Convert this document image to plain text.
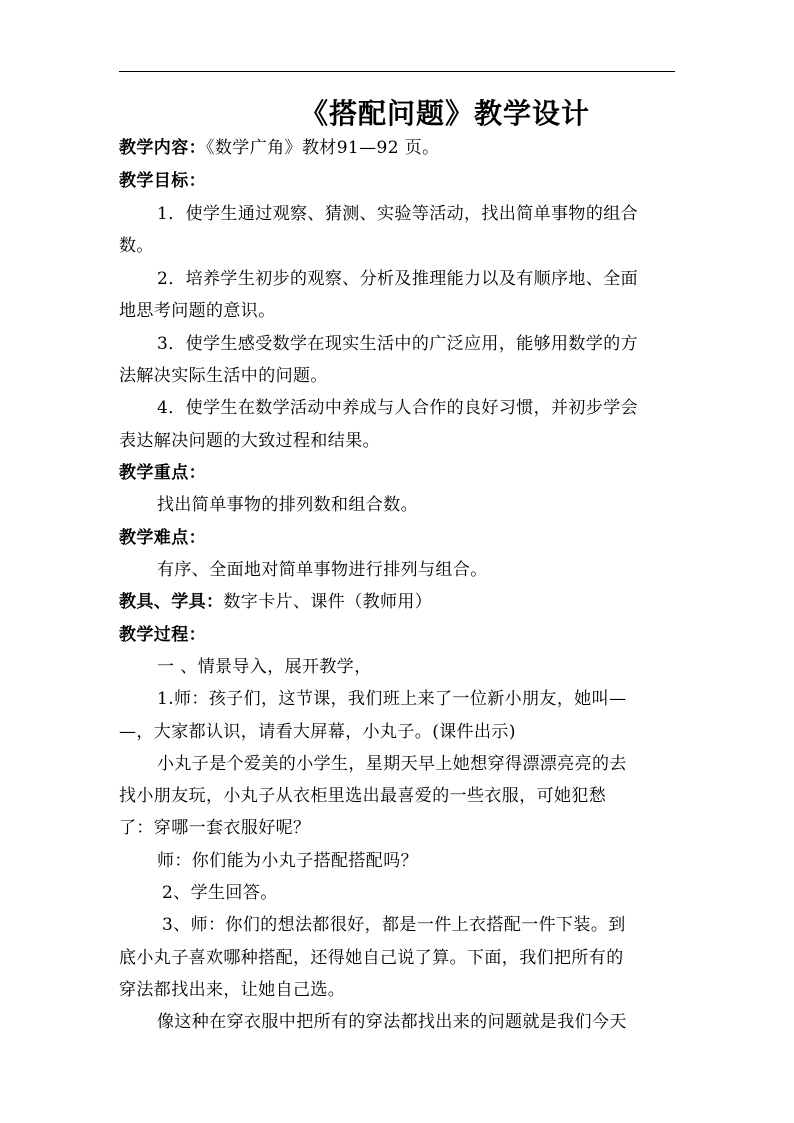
《搭配问题》教学设计
教学内容：《数学广角》教材91—92 页。
教学目标：
1．使学生通过观察、猜测、实验等活动，找出简单事物的组合
数。
2．培养学生初步的观察、分析及推理能力以及有顺序地、全面
地思考问题的意识。
3．使学生感受数学在现实生活中的广泛应用，能够用数学的方
法解决实际生活中的问题。
4．使学生在数学活动中养成与人合作的良好习惯，并初步学会
表达解决问题的大致过程和结果。
教学重点：
找出简单事物的排列数和组合数。
教学难点：
有序、全面地对简单事物进行排列与组合。
教具、学具：数字卡片、课件（教师用）
教学过程：
一 、情景导入，展开教学，
1.师：孩子们，这节课，我们班上来了一位新小朋友，她叫—
—，大家都认识，请看大屏幕，小丸子。(课件出示)
小丸子是个爱美的小学生，星期天早上她想穿得漂漂亮亮的去
找小朋友玩，小丸子从衣柜里选出最喜爱的一些衣服，可她犯愁
了：穿哪一套衣服好呢？
师：你们能为小丸子搭配搭配吗？
2、学生回答。
3、师：你们的想法都很好，都是一件上衣搭配一件下装。到
底小丸子喜欢哪种搭配，还得她自己说了算。下面，我们把所有的
穿法都找出来，让她自己选。
像这种在穿衣服中把所有的穿法都找出来的问题就是我们今天
